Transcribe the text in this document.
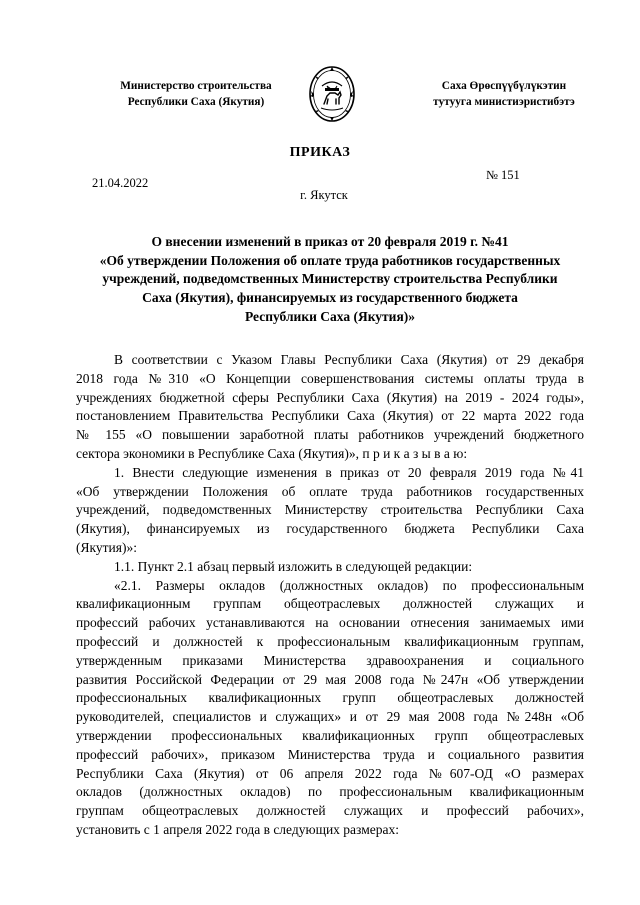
Министерство строительства
Республики Саха (Якутия)
Саха Өрөспүүбүлүкэтин
тутууга министиэристибэтэ
ПРИКАЗ
21.04.2022
№ 151
г. Якутск
О внесении изменений в приказ от 20 февраля 2019 г. №41
«Об утверждении Положения об оплате труда работников государственных
учреждений, подведомственных Министерству строительства Республики
Саха (Якутия), финансируемых из государственного бюджета
Республики Саха (Якутия)»
В соответствии с Указом Главы Республики Саха (Якутия) от 29 декабря
2018 года №310 «О Концепции совершенствования системы оплаты труда в
учреждениях бюджетной сферы Республики Саха (Якутия) на 2019 - 2024 годы»,
постановлением Правительства Республики Саха (Якутия) от 22 марта 2022 года
№ 155 «О повышении заработной платы работников учреждений бюджетного
сектора экономики в Республике Саха (Якутия)», п р и к а з ы в а ю:
1. Внести следующие изменения в приказ от 20 февраля 2019 года №41
«Об утверждении Положения об оплате труда работников государственных
учреждений, подведомственных Министерству строительства Республики Саха
(Якутия), финансируемых из государственного бюджета Республики Саха
(Якутия)»:
1.1. Пункт 2.1 абзац первый изложить в следующей редакции:
«2.1. Размеры окладов (должностных окладов) по профессиональным
квалификационным группам общеотраслевых должностей служащих и
профессий рабочих устанавливаются на основании отнесения занимаемых ими
профессий и должностей к профессиональным квалификационным группам,
утвержденным приказами Министерства здравоохранения и социального
развития Российской Федерации от 29 мая 2008 года №247н «Об утверждении
профессиональных квалификационных групп общеотраслевых должностей
руководителей, специалистов и служащих» и от 29 мая 2008 года №248н «Об
утверждении профессиональных квалификационных групп общеотраслевых
профессий рабочих», приказом Министерства труда и социального развития
Республики Саха (Якутия) от 06 апреля 2022 года №607-ОД «О размерах
окладов (должностных окладов) по профессиональным квалификационным
группам общеотраслевых должностей служащих и профессий рабочих»,
установить с 1 апреля 2022 года в следующих размерах:
